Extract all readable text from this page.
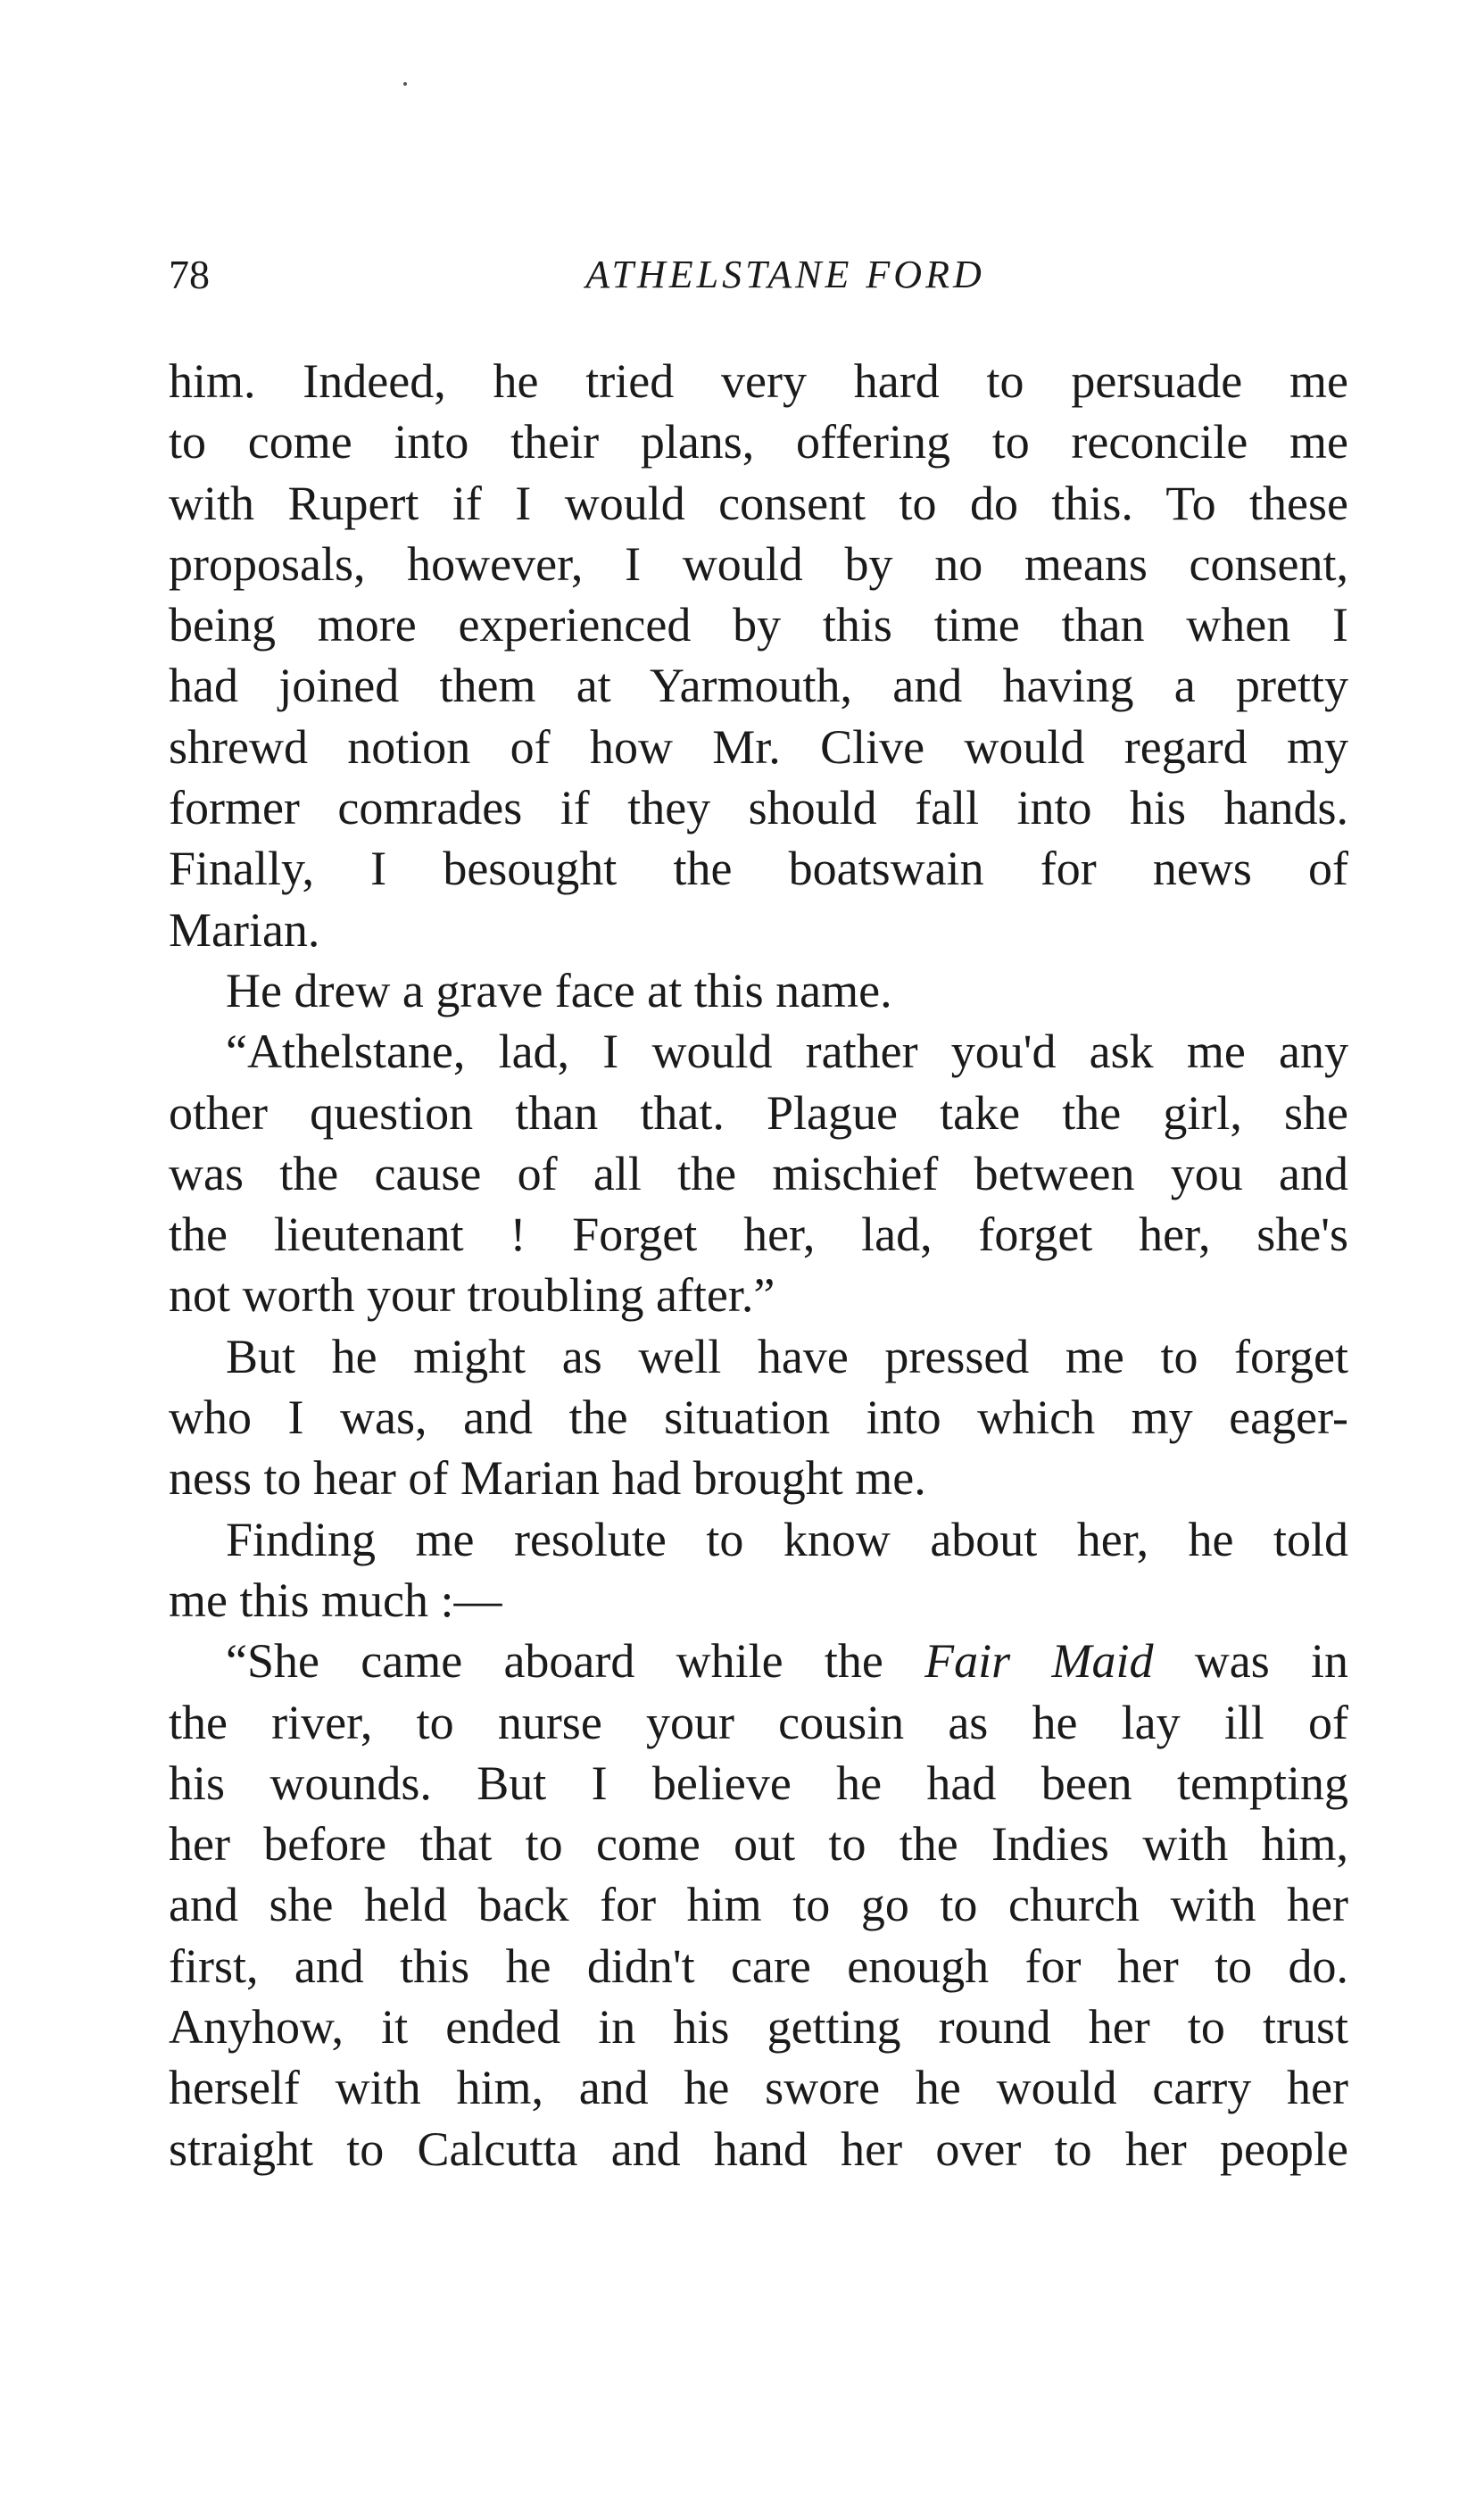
78	ATHELSTANE FORD
him. Indeed, he tried very hard to persuade me
to come into their plans, offering to reconcile me
with Rupert if I would consent to do this. To these
proposals, however, I would by no means consent,
being more experienced by this time than when I
had joined them at Yarmouth, and having a pretty
shrewd notion of how Mr. Clive would regard my
former comrades if they should fall into his hands.
Finally, I besought the boatswain for news of
Marian.
He drew a grave face at this name.
“Athelstane, lad, I would rather you'd ask me any
other question than that. Plague take the girl, she
was the cause of all the mischief between you and
the lieutenant ! Forget her, lad, forget her, she's
not worth your troubling after.”
But he might as well have pressed me to forget
who I was, and the situation into which my eager-
ness to hear of Marian had brought me.
Finding me resolute to know about her, he told
me this much :—
“She came aboard while the Fair Maid was in
the river, to nurse your cousin as he lay ill of
his wounds. But I believe he had been tempting
her before that to come out to the Indies with him,
and she held back for him to go to church with her
first, and this he didn't care enough for her to do.
Anyhow, it ended in his getting round her to trust
herself with him, and he swore he would carry her
straight to Calcutta and hand her over to her people
